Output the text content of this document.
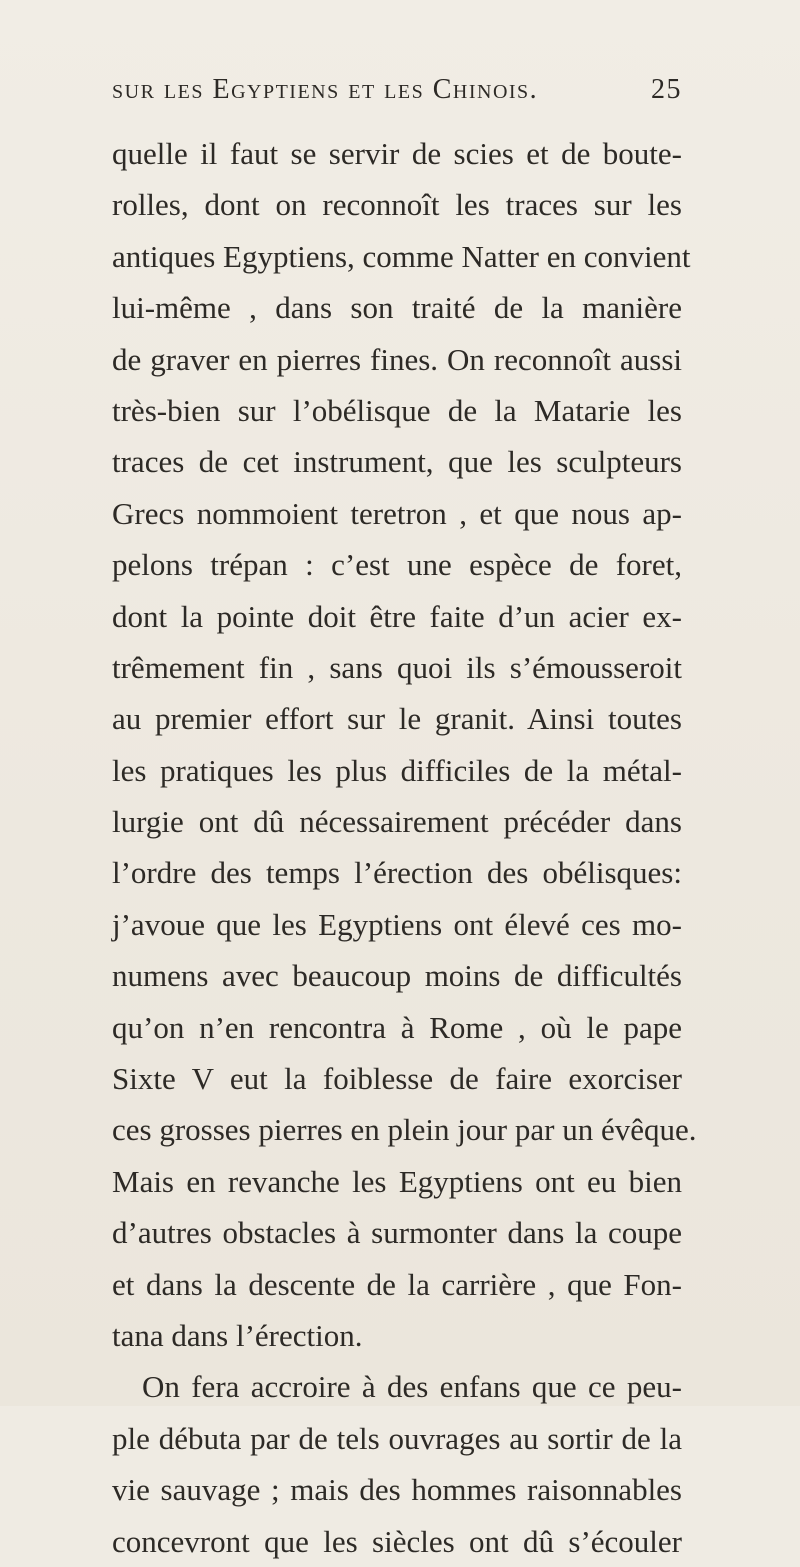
sur les Egyptiens et les Chinois.	25
quelle il faut se servir de scies et de boute-
rolles, dont on reconnoît les traces sur les
antiques Egyptiens, comme Natter en convient
lui-même , dans son traité de la manière
de graver en pierres fines. On reconnoît aussi
très-bien sur l’obélisque de la Matarie les
traces de cet instrument, que les sculpteurs
Grecs nommoient teretron , et que nous ap-
pelons trépan : c’est une espèce de foret,
dont la pointe doit être faite d’un acier ex-
trêmement fin , sans quoi ils s’émousseroit
au premier effort sur le granit. Ainsi toutes
les pratiques les plus difficiles de la métal-
lurgie ont dû nécessairement précéder dans
l’ordre des temps l’érection des obélisques:
j’avoue que les Egyptiens ont élevé ces mo-
numens avec beaucoup moins de difficultés
qu’on n’en rencontra à Rome , où le pape
Sixte V eut la foiblesse de faire exorciser
ces grosses pierres en plein jour par un évêque.
Mais en revanche les Egyptiens ont eu bien
d’autres obstacles à surmonter dans la coupe
et dans la descente de la carrière , que Fon-
tana dans l’érection.
On fera accroire à des enfans que ce peu-
ple débuta par de tels ouvrages au sortir de la
vie sauvage ; mais des hommes raisonnables
concevront que les siècles ont dû s’écouler
